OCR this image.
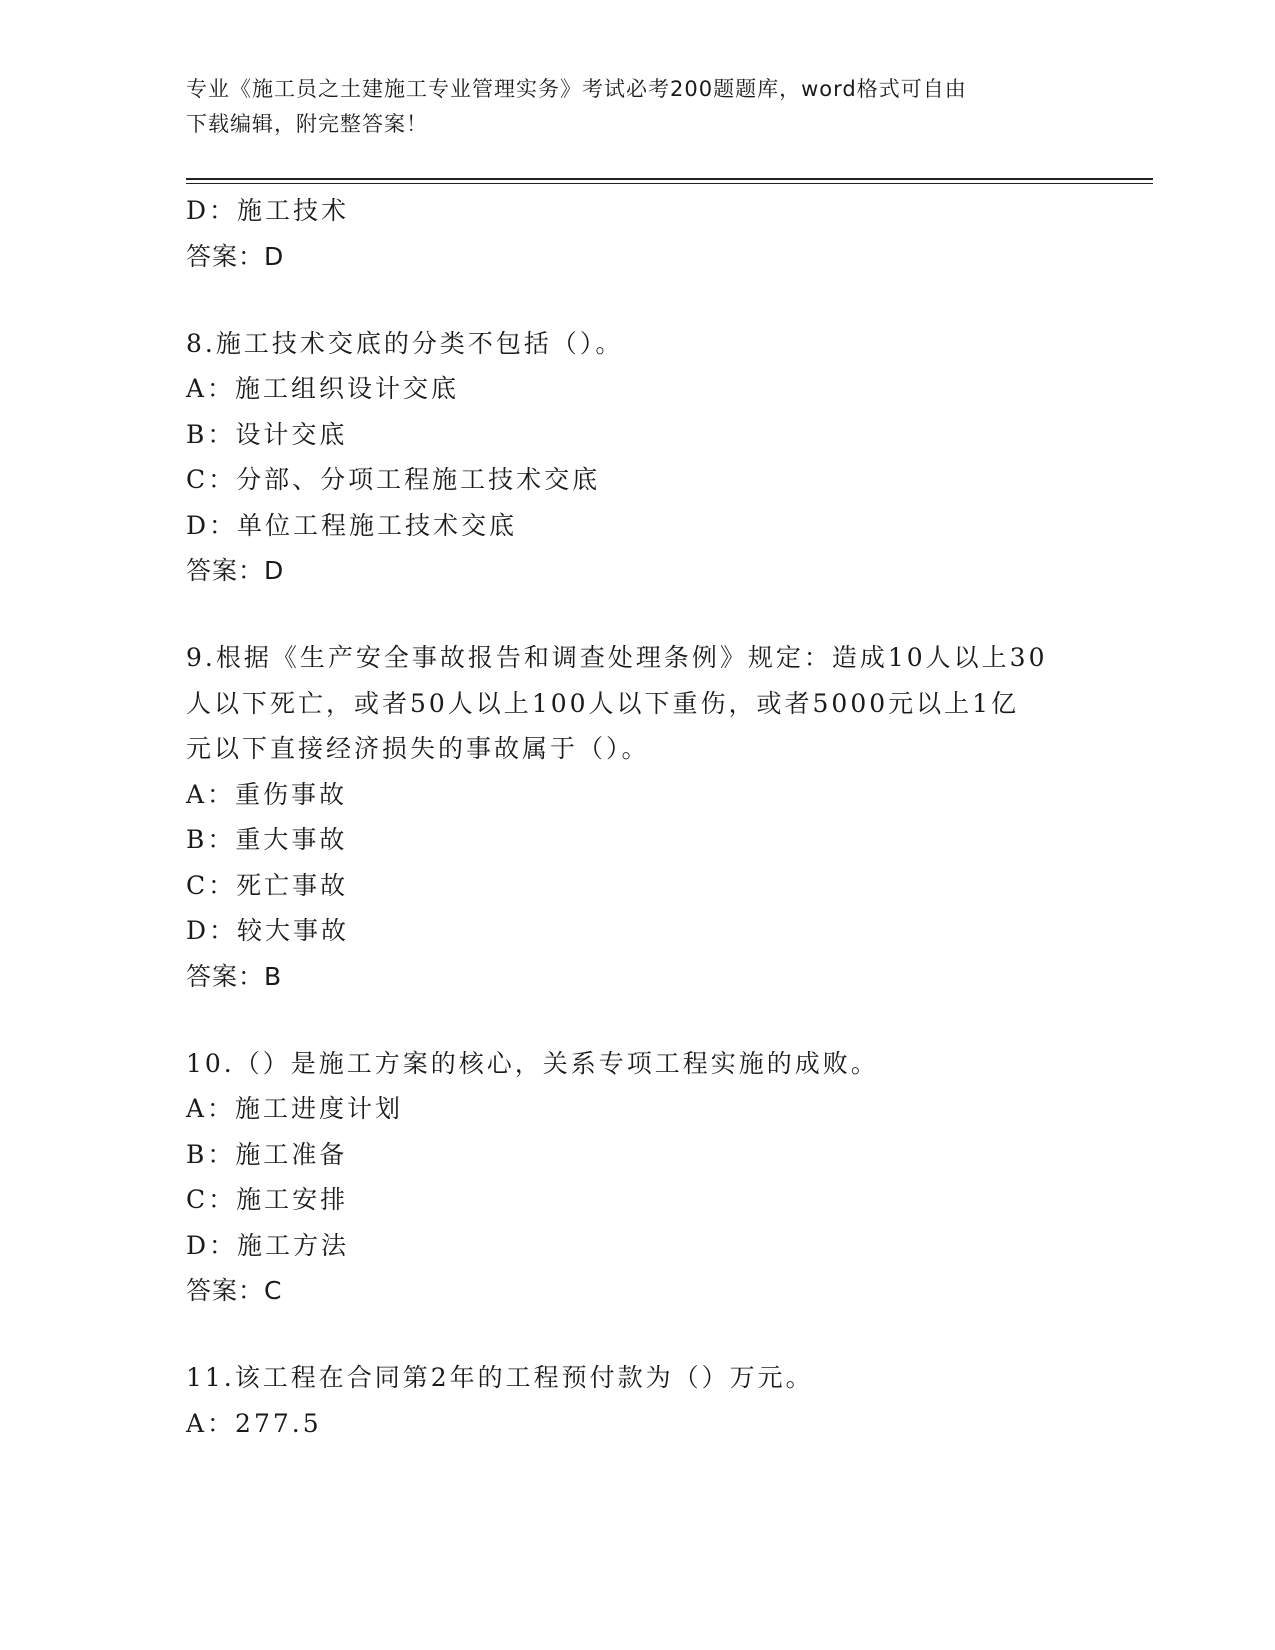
专业《施工员之土建施工专业管理实务》考试必考200题题库，word格式可自由
下载编辑，附完整答案！
D：施工技术
答案：D
8.施工技术交底的分类不包括（）。
A：施工组织设计交底
B：设计交底
C：分部、分项工程施工技术交底
D：单位工程施工技术交底
答案：D
9.根据《生产安全事故报告和调查处理条例》规定：造成10人以上30
人以下死亡，或者50人以上100人以下重伤，或者5000元以上1亿
元以下直接经济损失的事故属于（）。
A：重伤事故
B：重大事故
C：死亡事故
D：较大事故
答案：B
10.（）是施工方案的核心，关系专项工程实施的成败。
A：施工进度计划
B：施工准备
C：施工安排
D：施工方法
答案：C
11.该工程在合同第2年的工程预付款为（）万元。
A：277.5
